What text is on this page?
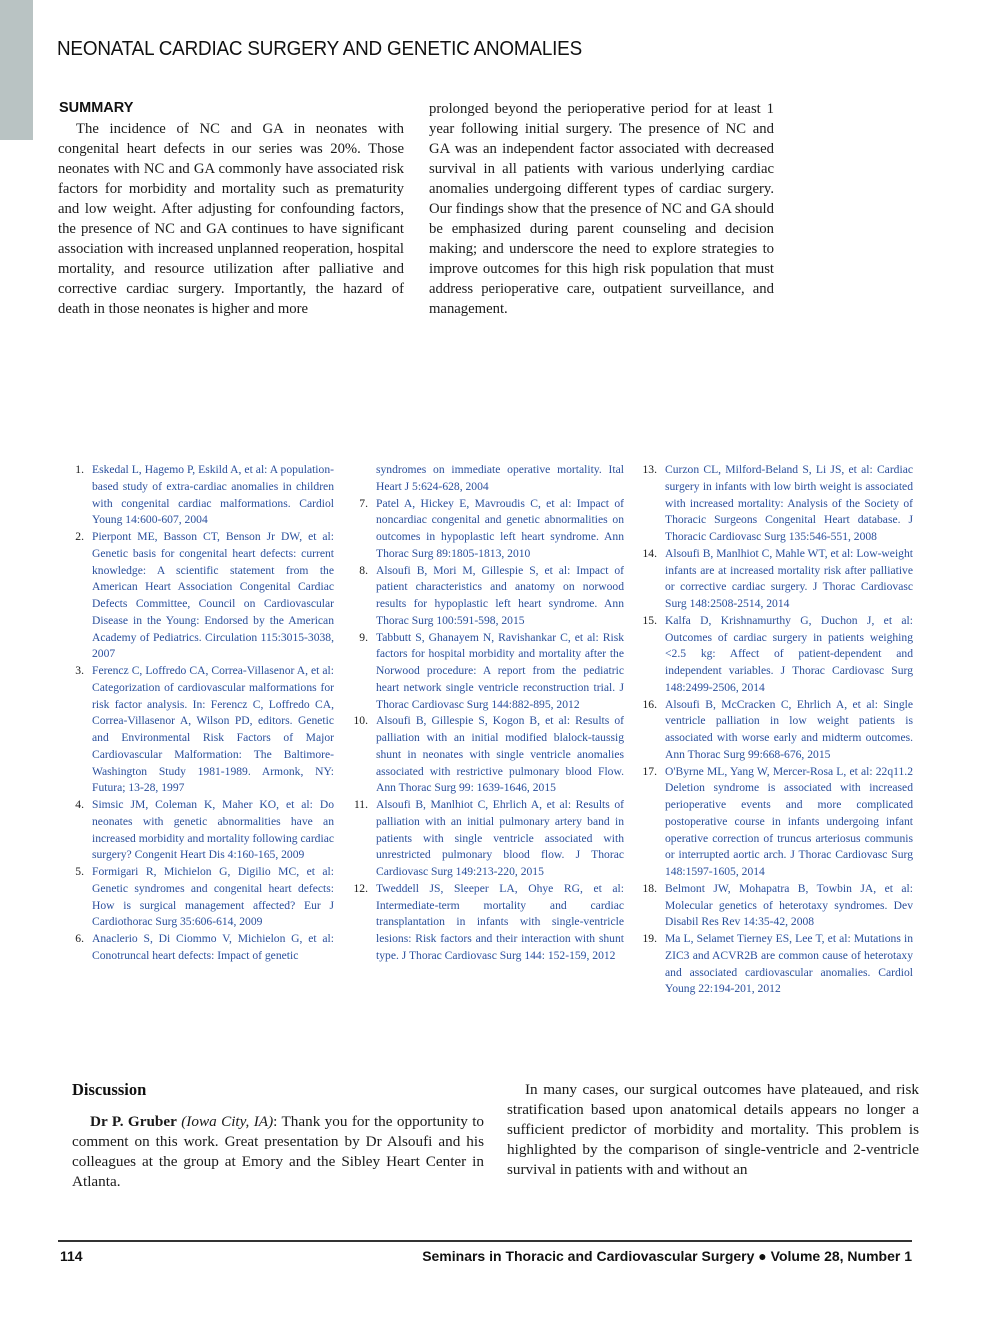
NEONATAL CARDIAC SURGERY AND GENETIC ANOMALIES
SUMMARY

The incidence of NC and GA in neonates with congenital heart defects in our series was 20%. Those neonates with NC and GA commonly have associated risk factors for morbidity and mortality such as prematurity and low weight. After adjusting for confounding factors, the presence of NC and GA continues to have significant association with increased unplanned reoperation, hospital mortality, and resource utilization after palliative and corrective cardiac surgery. Importantly, the hazard of death in those neonates is higher and more

prolonged beyond the perioperative period for at least 1 year following initial surgery. The presence of NC and GA was an independent factor associated with decreased survival in all patients with various underlying cardiac anomalies undergoing different types of cardiac surgery. Our findings show that the presence of NC and GA should be emphasized during parent counseling and decision making; and underscore the need to explore strategies to improve outcomes for this high risk population that must address perioperative care, outpatient surveillance, and management.

1. Eskedal L, Hagemo P, Eskild A, et al: A population-based study of extra-cardiac anomalies in children with congenital cardiac malformations. Cardiol Young 14:600-607, 2004
2. Pierpont ME, Basson CT, Benson Jr DW, et al: Genetic basis for congenital heart defects: current knowledge: A scientific statement from the American Heart Association Congenital Cardiac Defects Committee, Council on Cardiovascular Disease in the Young: Endorsed by the American Academy of Pediatrics. Circulation 115:3015-3038, 2007
3. Ferencz C, Loffredo CA, Correa-Villasenor A, et al: Categorization of cardiovascular malformations for risk factor analysis. In: Ferencz C, Loffredo CA, Correa-Villasenor A, Wilson PD, editors. Genetic and Environmental Risk Factors of Major Cardiovascular Malformation: The Baltimore-Washington Study 1981-1989. Armonk, NY: Futura; 13-28, 1997
4. Simsic JM, Coleman K, Maher KO, et al: Do neonates with genetic abnormalities have an increased morbidity and mortality following cardiac surgery? Congenit Heart Dis 4:160-165, 2009
5. Formigari R, Michielon G, Digilio MC, et al: Genetic syndromes and congenital heart defects: How is surgical management affected? Eur J Cardiothorac Surg 35:606-614, 2009
6. Anaclerio S, Di Ciommo V, Michielon G, et al: Conotruncal heart defects: Impact of genetic
syndromes on immediate operative mortality. Ital Heart J 5:624-628, 2004
7. Patel A, Hickey E, Mavroudis C, et al: Impact of noncardiac congenital and genetic abnormalities on outcomes in hypoplastic left heart syndrome. Ann Thorac Surg 89:1805-1813, 2010
8. Alsoufi B, Mori M, Gillespie S, et al: Impact of patient characteristics and anatomy on norwood results for hypoplastic left heart syndrome. Ann Thorac Surg 100:591-598, 2015
9. Tabbutt S, Ghanayem N, Ravishankar C, et al: Risk factors for hospital morbidity and mortality after the Norwood procedure: A report from the pediatric heart network single ventricle reconstruction trial. J Thorac Cardiovasc Surg 144:882-895, 2012
10. Alsoufi B, Gillespie S, Kogon B, et al: Results of palliation with an initial modified blalock-taussig shunt in neonates with single ventricle anomalies associated with restrictive pulmonary blood Flow. Ann Thorac Surg 99: 1639-1646, 2015
11. Alsoufi B, Manlhiot C, Ehrlich A, et al: Results of palliation with an initial pulmonary artery band in patients with single ventricle associated with unrestricted pulmonary blood flow. J Thorac Cardiovasc Surg 149:213-220, 2015
12. Tweddell JS, Sleeper LA, Ohye RG, et al: Intermediate-term mortality and cardiac transplantation in infants with single-ventricle lesions: Risk factors and their interaction with shunt type. J Thorac Cardiovasc Surg 144: 152-159, 2012
13. Curzon CL, Milford-Beland S, Li JS, et al: Cardiac surgery in infants with low birth weight is associated with increased mortality: Analysis of the Society of Thoracic Surgeons Congenital Heart database. J Thoracic Cardiovasc Surg 135:546-551, 2008
14. Alsoufi B, Manlhiot C, Mahle WT, et al: Low-weight infants are at increased mortality risk after palliative or corrective cardiac surgery. J Thorac Cardiovasc Surg 148:2508-2514, 2014
15. Kalfa D, Krishnamurthy G, Duchon J, et al: Outcomes of cardiac surgery in patients weighing <2.5 kg: Affect of patient-dependent and independent variables. J Thorac Cardiovasc Surg 148:2499-2506, 2014
16. Alsoufi B, McCracken C, Ehrlich A, et al: Single ventricle palliation in low weight patients is associated with worse early and midterm outcomes. Ann Thorac Surg 99:668-676, 2015
17. O'Byrne ML, Yang W, Mercer-Rosa L, et al: 22q11.2 Deletion syndrome is associated with increased perioperative events and more complicated postoperative course in infants undergoing infant operative correction of truncus arteriosus communis or interrupted aortic arch. J Thorac Cardiovasc Surg 148:1597-1605, 2014
18. Belmont JW, Mohapatra B, Towbin JA, et al: Molecular genetics of heterotaxy syndromes. Dev Disabil Res Rev 14:35-42, 2008
19. Ma L, Selamet Tierney ES, Lee T, et al: Mutations in ZIC3 and ACVR2B are common cause of heterotaxy and associated cardiovascular anomalies. Cardiol Young 22:194-201, 2012
Discussion

Dr P. Gruber (Iowa City, IA): Thank you for the opportunity to comment on this work. Great presentation by Dr Alsoufi and his colleagues at the group at Emory and the Sibley Heart Center in Atlanta.

In many cases, our surgical outcomes have plateaued, and risk stratification based upon anatomical details appears no longer a sufficient predictor of morbidity and mortality. This problem is highlighted by the comparison of single-ventricle and 2-ventricle survival in patients with and without an

114	Seminars in Thoracic and Cardiovascular Surgery ● Volume 28, Number 1
